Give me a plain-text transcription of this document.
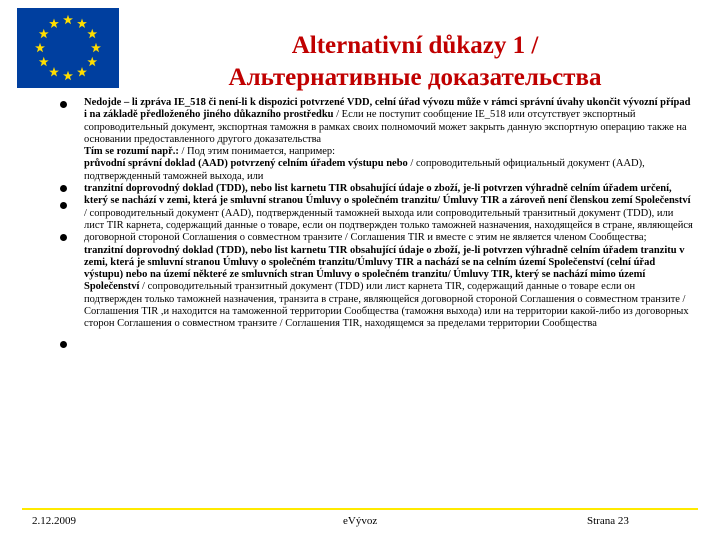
Alternativní důkazy 1 /
Альтернативные доказательства
Nedojde – li zpráva IE_518 či není-li k dispozici potvrzené VDD, celní úřad vývozu může v rámci správní úvahy ukončit vývozní případ i na základě předloženého jiného důkazního prostředku / Если не поступит сообщение IE_518 или отсутствует экспортный сопроводительный документ, экспортная таможня в рамках своих полномочий может закрыть данную экспортную операцию также на основании предоставленного другого доказательства
Tím se rozumí např.: / Под этим понимается, например:
průvodní správní doklad (AAD) potvrzený celním úřadem výstupu nebo / сопроводительный официальный документ (AAD), подтвержденный таможней выхода, или
tranzitní doprovodný doklad (TDD), nebo list karnetu TIR obsahující údaje o zboží, je-li potvrzen výhradně celním úřadem určení, který se nachází v zemi, která je smluvní stranou Úmluvy o společném tranzitu/ Úmluvy TIR a zároveň není členskou zemí Společenství / сопроводительный документ (AAD), подтвержденный таможней выхода или сопроводительный транзитный документ (TDD), или лист TIR карнета, содержащий данные о товаре, если он подтвержден только таможней назначения, находящейся в стране, являющейся договорной стороной Соглашения о совместном транзите / Соглашения TIR и вместе с этим не является членом Сообщества;
tranzitní doprovodný doklad (TDD), nebo list karnetu TIR obsahující údaje o zboží, je-li potvrzen výhradně celním úřadem tranzitu v zemi, která je smluvní stranou Úmluvy o společném tranzitu/Úmluvy TIR a nachází se na celním území Společenství (celní úřad výstupu) nebo na území některé ze smluvních stran Úmluvy o společném tranzitu/ Úmluvy TIR, který se nachází mimo území Společenství / сопроводительный транзитный документ (TDD) или лист карнета TIR, содержащий данные о товаре если он подтвержден только таможней назначения, транзита в стране, являющейся договорной стороной Соглашения о совместном транзите / Соглашения TIR ,и находится на таможенной территории Сообщества (таможня выхода) или на территории какой-либо из договорных сторон Соглашения о совместном транзите / Соглашения TIR, находящемся за пределами территории Сообщества
2.12.2009	eVývoz	Strana 23
